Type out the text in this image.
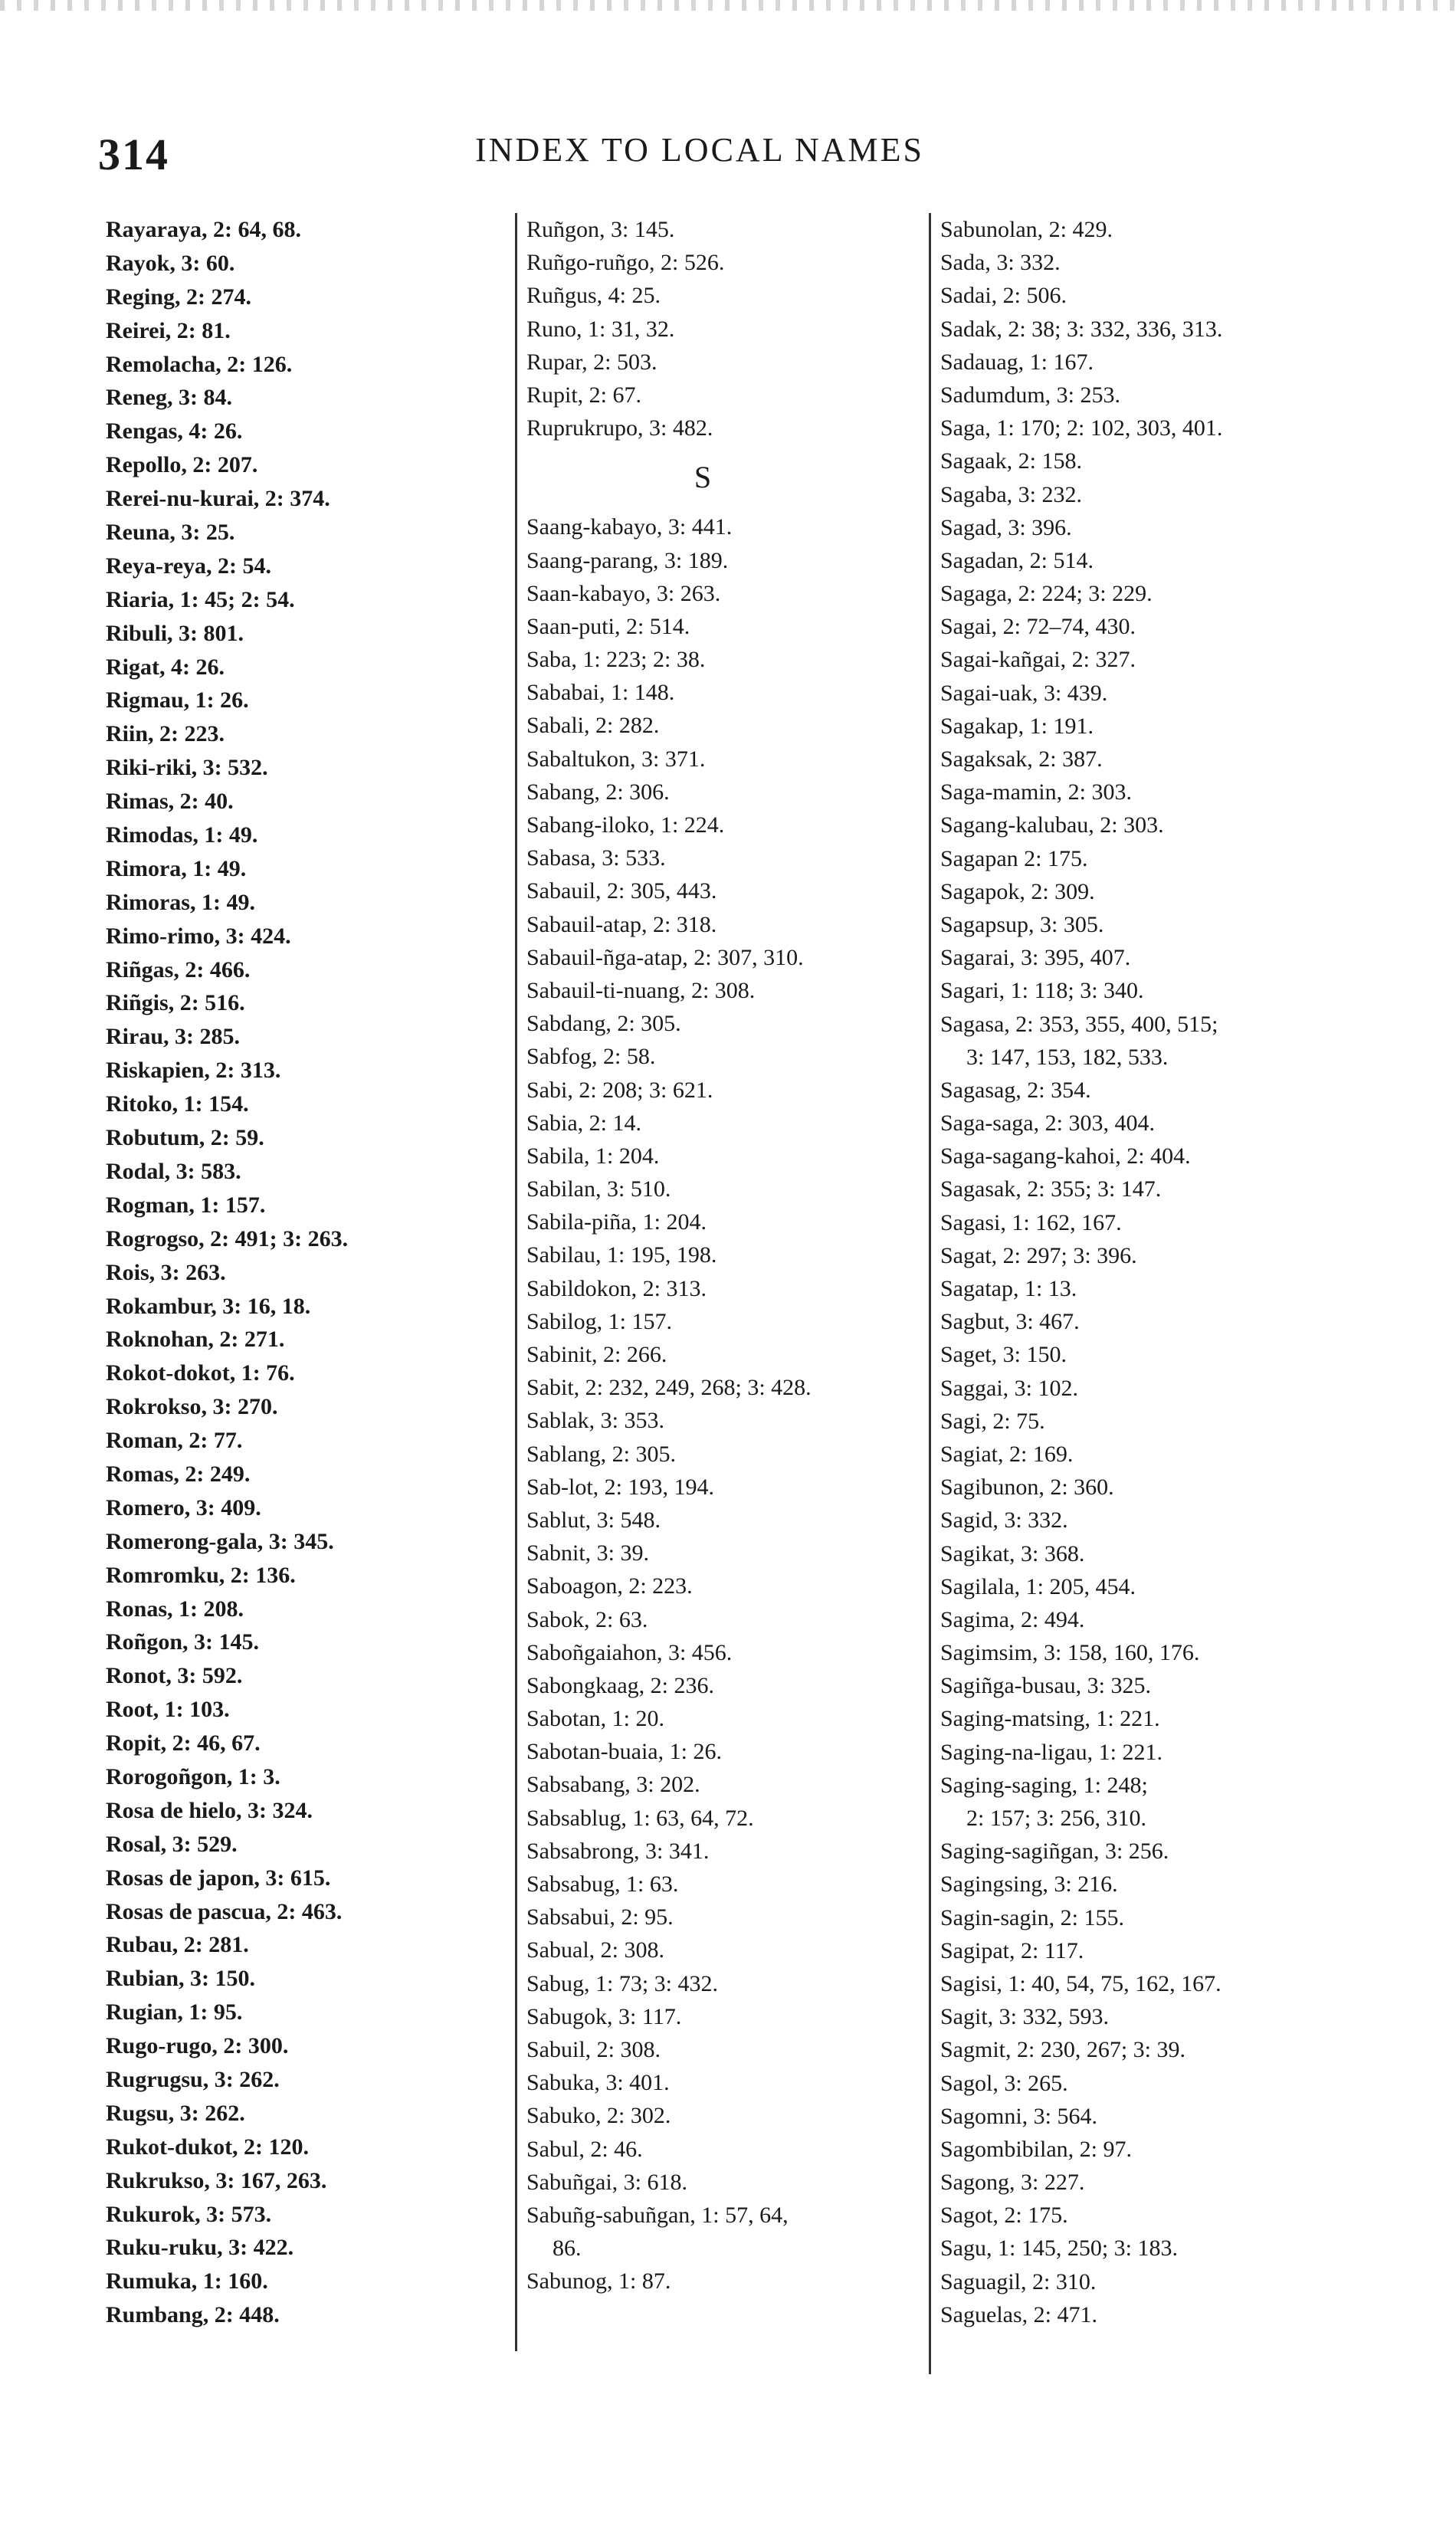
314	INDEX TO LOCAL NAMES
Rayaraya, 2: 64, 68.
Rayok, 3: 60.
Reging, 2: 274.
Reirei, 2: 81.
Remolacha, 2: 126.
Reneg, 3: 84.
Rengas, 4: 26.
Repollo, 2: 207.
Rerei-nu-kurai, 2: 374.
Reuna, 3: 25.
Reya-reya, 2: 54.
Riaria, 1: 45; 2: 54.
Ribuli, 3: 801.
Rigat, 4: 26.
Rigmau, 1: 26.
Riin, 2: 223.
Riki-riki, 3: 532.
Rimas, 2: 40.
Rimodas, 1: 49.
Rimora, 1: 49.
Rimoras, 1: 49.
Rimo-rimo, 3: 424.
Riñgas, 2: 466.
Riñgis, 2: 516.
Rirau, 3: 285.
Riskapien, 2: 313.
Ritoko, 1: 154.
Robutum, 2: 59.
Rodal, 3: 583.
Rogman, 1: 157.
Rogrogso, 2: 491; 3: 263.
Rois, 3: 263.
Rokambur, 3: 16, 18.
Roknohan, 2: 271.
Rokot-dokot, 1: 76.
Rokrokso, 3: 270.
Roman, 2: 77.
Romas, 2: 249.
Romero, 3: 409.
Romerong-gala, 3: 345.
Romromku, 2: 136.
Ronas, 1: 208.
Roñgon, 3: 145.
Ronot, 3: 592.
Root, 1: 103.
Ropit, 2: 46, 67.
Rorogoñgon, 1: 3.
Rosa de hielo, 3: 324.
Rosal, 3: 529.
Rosas de japon, 3: 615.
Rosas de pascua, 2: 463.
Rubau, 2: 281.
Rubian, 3: 150.
Rugian, 1: 95.
Rugo-rugo, 2: 300.
Rugrugsu, 3: 262.
Rugsu, 3: 262.
Rukot-dukot, 2: 120.
Rukrukso, 3: 167, 263.
Rukurok, 3: 573.
Ruku-ruku, 3: 422.
Rumuka, 1: 160.
Rumbang, 2: 448.
Ruñgon, 3: 145.
Ruñgo-ruñgo, 2: 526.
Ruñgus, 4: 25.
Runo, 1: 31, 32.
Rupar, 2: 503.
Rupit, 2: 67.
Ruprukrupo, 3: 482.
S
Saang-kabayo, 3: 441.
Saang-parang, 3: 189.
Saan-kabayo, 3: 263.
Saan-puti, 2: 514.
Saba, 1: 223; 2: 38.
Sababai, 1: 148.
Sabali, 2: 282.
Sabaltukon, 3: 371.
Sabang, 2: 306.
Sabang-iloko, 1: 224.
Sabasa, 3: 533.
Sabauil, 2: 305, 443.
Sabauil-atap, 2: 318.
Sabauil-ñga-atap, 2: 307, 310.
Sabauil-ti-nuang, 2: 308.
Sabdang, 2: 305.
Sabfog, 2: 58.
Sabi, 2: 208; 3: 621.
Sabia, 2: 14.
Sabila, 1: 204.
Sabilan, 3: 510.
Sabila-piña, 1: 204.
Sabilau, 1: 195, 198.
Sabildokon, 2: 313.
Sabilog, 1: 157.
Sabinit, 2: 266.
Sabit, 2: 232, 249, 268; 3: 428.
Sablak, 3: 353.
Sablang, 2: 305.
Sab-lot, 2: 193, 194.
Sablut, 3: 548.
Sabnit, 3: 39.
Saboagon, 2: 223.
Sabok, 2: 63.
Saboñgaiahon, 3: 456.
Sabongkaag, 2: 236.
Sabotan, 1: 20.
Sabotan-buaia, 1: 26.
Sabsabang, 3: 202.
Sabsablug, 1: 63, 64, 72.
Sabsabrong, 3: 341.
Sabsabug, 1: 63.
Sabsabui, 2: 95.
Sabual, 2: 308.
Sabug, 1: 73; 3: 432.
Sabugok, 3: 117.
Sabuil, 2: 308.
Sabuka, 3: 401.
Sabuko, 2: 302.
Sabul, 2: 46.
Sabuñgai, 3: 618.
Sabuñg-sabuñgan, 1: 57, 64,
86.
Sabunog, 1: 87.
Sabunolan, 2: 429.
Sada, 3: 332.
Sadai, 2: 506.
Sadak, 2: 38; 3: 332, 336, 313.
Sadauag, 1: 167.
Sadumdum, 3: 253.
Saga, 1: 170; 2: 102, 303, 401.
Sagaak, 2: 158.
Sagaba, 3: 232.
Sagad, 3: 396.
Sagadan, 2: 514.
Sagaga, 2: 224; 3: 229.
Sagai, 2: 72–74, 430.
Sagai-kañgai, 2: 327.
Sagai-uak, 3: 439.
Sagakap, 1: 191.
Sagaksak, 2: 387.
Saga-mamin, 2: 303.
Sagang-kalubau, 2: 303.
Sagapan 2: 175.
Sagapok, 2: 309.
Sagapsup, 3: 305.
Sagarai, 3: 395, 407.
Sagari, 1: 118; 3: 340.
Sagasa, 2: 353, 355, 400, 515;
3: 147, 153, 182, 533.
Sagasag, 2: 354.
Saga-saga, 2: 303, 404.
Saga-sagang-kahoi, 2: 404.
Sagasak, 2: 355; 3: 147.
Sagasi, 1: 162, 167.
Sagat, 2: 297; 3: 396.
Sagatap, 1: 13.
Sagbut, 3: 467.
Saget, 3: 150.
Saggai, 3: 102.
Sagi, 2: 75.
Sagiat, 2: 169.
Sagibunon, 2: 360.
Sagid, 3: 332.
Sagikat, 3: 368.
Sagilala, 1: 205, 454.
Sagima, 2: 494.
Sagimsim, 3: 158, 160, 176.
Sagiñga-busau, 3: 325.
Saging-matsing, 1: 221.
Saging-na-ligau, 1: 221.
Saging-saging, 1: 248;
2: 157; 3: 256, 310.
Saging-sagiñgan, 3: 256.
Sagingsing, 3: 216.
Sagin-sagin, 2: 155.
Sagipat, 2: 117.
Sagisi, 1: 40, 54, 75, 162, 167.
Sagit, 3: 332, 593.
Sagmit, 2: 230, 267; 3: 39.
Sagol, 3: 265.
Sagomni, 3: 564.
Sagombibilan, 2: 97.
Sagong, 3: 227.
Sagot, 2: 175.
Sagu, 1: 145, 250; 3: 183.
Saguagil, 2: 310.
Saguelas, 2: 471.
